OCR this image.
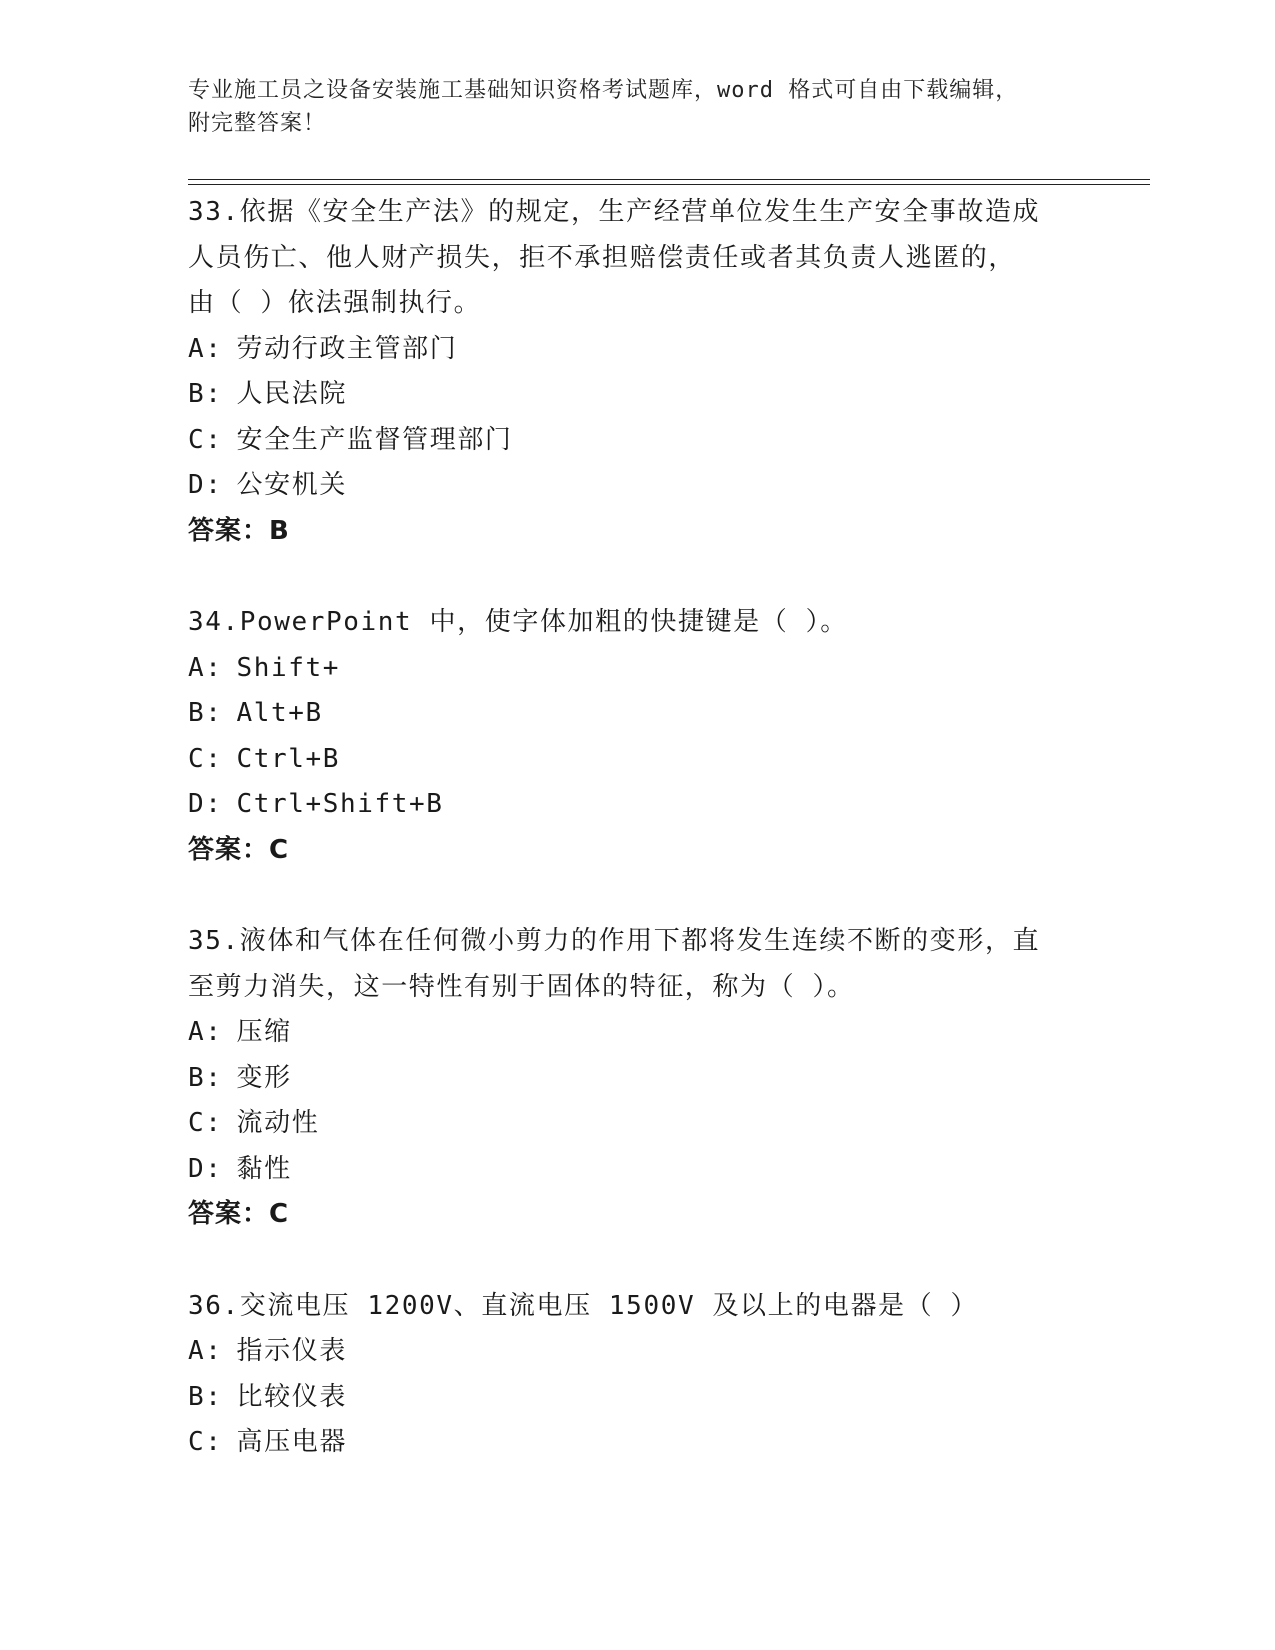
专业施工员之设备安装施工基础知识资格考试题库，word 格式可自由下载编辑，
附完整答案！
33.依据《安全生产法》的规定，生产经营单位发生生产安全事故造成
人员伤亡、他人财产损失，拒不承担赔偿责任或者其负责人逃匿的，
由（ ）依法强制执行。
A: 劳动行政主管部门
B: 人民法院
C: 安全生产监督管理部门
D: 公安机关
答案：B
34.PowerPoint 中，使字体加粗的快捷键是（ ）。
A: Shift+
B: Alt+B
C: Ctrl+B
D: Ctrl+Shift+B
答案：C
35.液体和气体在任何微小剪力的作用下都将发生连续不断的变形，直
至剪力消失，这一特性有别于固体的特征，称为（ ）。
A: 压缩
B: 变形
C: 流动性
D: 黏性
答案：C
36.交流电压 1200V、直流电压 1500V 及以上的电器是（ ）
A: 指示仪表
B: 比较仪表
C: 高压电器
